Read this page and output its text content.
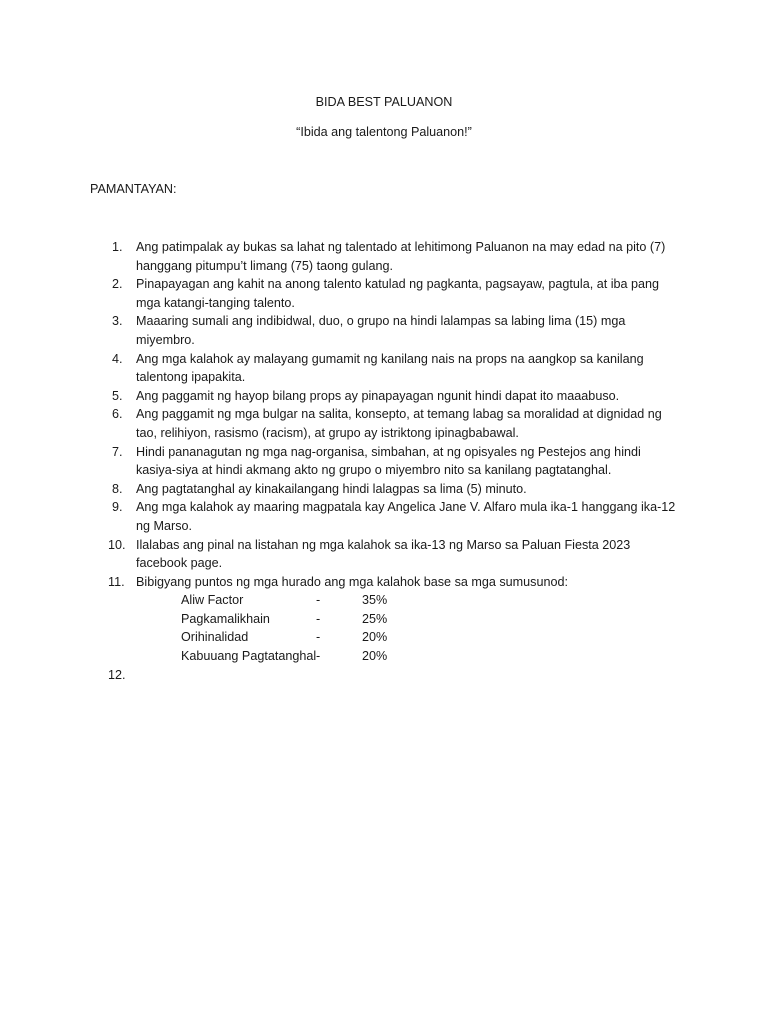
BIDA BEST PALUANON
“Ibida ang talentong Paluanon!”
PAMANTAYAN:
1. Ang patimpalak ay bukas sa lahat ng talentado at lehitimong Paluanon na may edad na pito (7) hanggang pitumpu’t limang (75) taong gulang.
2. Pinapayagan ang kahit na anong talento katulad ng pagkanta, pagsayaw, pagtula, at iba pang mga katangi-tanging talento.
3. Maaaring sumali ang indibidwal, duo, o grupo na hindi lalampas sa labing lima (15) mga miyembro.
4. Ang mga kalahok ay malayang gumamit ng kanilang nais na props na aangkop sa kanilang talentong ipapakita.
5. Ang paggamit ng hayop bilang props ay pinapayagan ngunit hindi dapat ito maaabuso.
6. Ang paggamit ng mga bulgar na salita, konsepto, at temang labag sa moralidad at dignidad ng tao, relihiyon, rasismo (racism), at grupo ay istriktong ipinagbabawal.
7. Hindi pananagutan ng mga nag-organisa, simbahan, at ng opisyales ng Pestejos ang hindi kasiya-siya at hindi akmang akto ng grupo o miyembro nito sa kanilang pagtatanghal.
8. Ang pagtatanghal ay kinakailangang hindi lalagpas sa lima (5) minuto.
9. Ang mga kalahok ay maaring magpatala kay Angelica Jane V. Alfaro mula ika-1 hanggang ika-12 ng Marso.
10. Ilalabas ang pinal na listahan ng mga kalahok sa ika-13 ng Marso sa Paluan Fiesta 2023 facebook page.
11. Bibigyang puntos ng mga hurado ang mga kalahok base sa mga sumusunod:
Aliw Factor	-	35%
Pagkamalikhain	-	25%
Orihinalidad	-	20%
Kabuuang Pagtatanghal -	20%
12.
